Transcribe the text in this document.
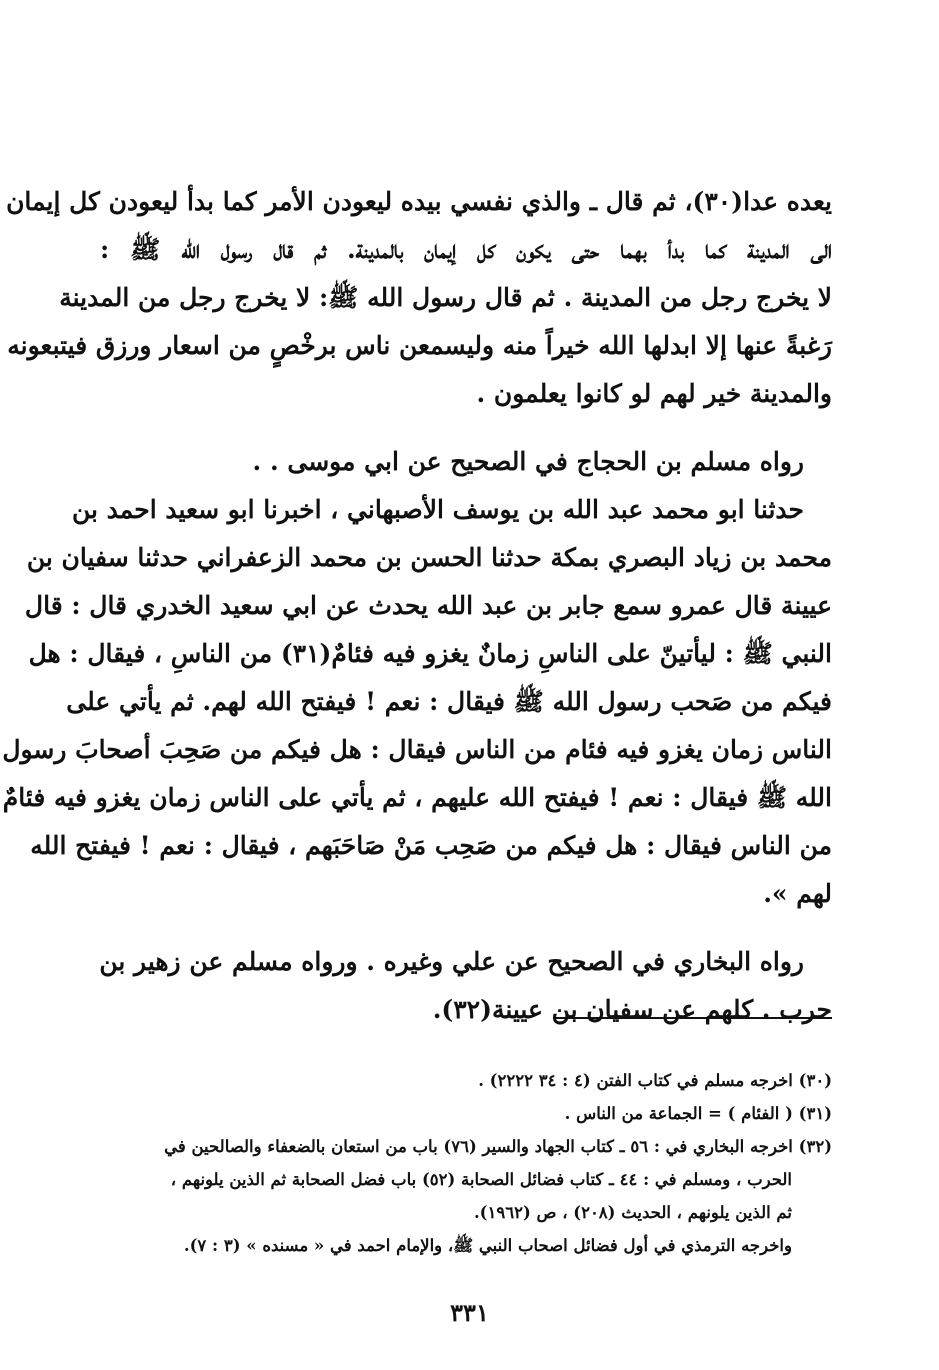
يعده عدا(٣٠)، ثم قال ـ والذي نفسي بيده ليعودن الأمر كما بدأ ليعودن كل إيمان
الى المدينة كما بدأ بهما حتى يكون كل إيمان بالمدينة. ثم قال رسول الله ﷺ :
لا يخرج رجل من المدينة . ثم قال رسول الله ﷺ: لا يخرج رجل من المدينة
رَغبةً عنها إلا ابدلها الله خيراً منه وليسمعن ناس برخْصٍ من اسعار ورزق فيتبعونه
والمدينة خير لهم لو كانوا يعلمون .
رواه مسلم بن الحجاج في الصحيح عن ابي موسى . .
حدثنا ابو محمد عبد الله بن يوسف الأصبهاني ، اخبرنا ابو سعيد احمد بن
محمد بن زياد البصري بمكة حدثنا الحسن بن محمد الزعفراني حدثنا سفيان بن
عيينة قال عمرو سمع جابر بن عبد الله يحدث عن ابي سعيد الخدري قال : قال
النبي ﷺ : ليأتينّ على الناسِ زمانٌ يغزو فيه فئامٌ(٣١) من الناسِ ، فيقال : هل
فيكم من صَحب رسول الله ﷺ فيقال : نعم ! فيفتح الله لهم. ثم يأتي على
الناس زمان يغزو فيه فئام من الناس فيقال : هل فيكم من صَحِبَ أصحابَ رسول
الله ﷺ فيقال : نعم ! فيفتح الله عليهم ، ثم يأتي على الناس زمان يغزو فيه فئامٌ
من الناس فيقال : هل فيكم من صَحِب مَنْ صَاحَبَهم ، فيقال : نعم ! فيفتح الله
لهم ».
رواه البخاري في الصحيح عن علي وغيره . ورواه مسلم عن زهير بن
حرب . كلهم عن سفيان بن عيينة(٣٢).
(٣٠) اخرجه مسلم في كتاب الفتن (٤ : ٣٤ ٢٢٢٢) .
(٣١) ( الفئام ) = الجماعة من الناس .
(٣٢) اخرجه البخاري في : ٥٦ ـ كتاب الجهاد والسير (٧٦) باب من استعان بالضعفاء والصالحين في
الحرب ، ومسلم في : ٤٤ ـ كتاب فضائل الصحابة (٥٢) باب فضل الصحابة ثم الذين يلونهم ،
ثم الذين يلونهم ، الحديث (٢٠٨) ، ص (١٩٦٢).
واخرجه الترمذي في أول فضائل اصحاب النبي ﷺ، والإمام احمد في « مسنده » (٣ : ٧).
٣٣١
